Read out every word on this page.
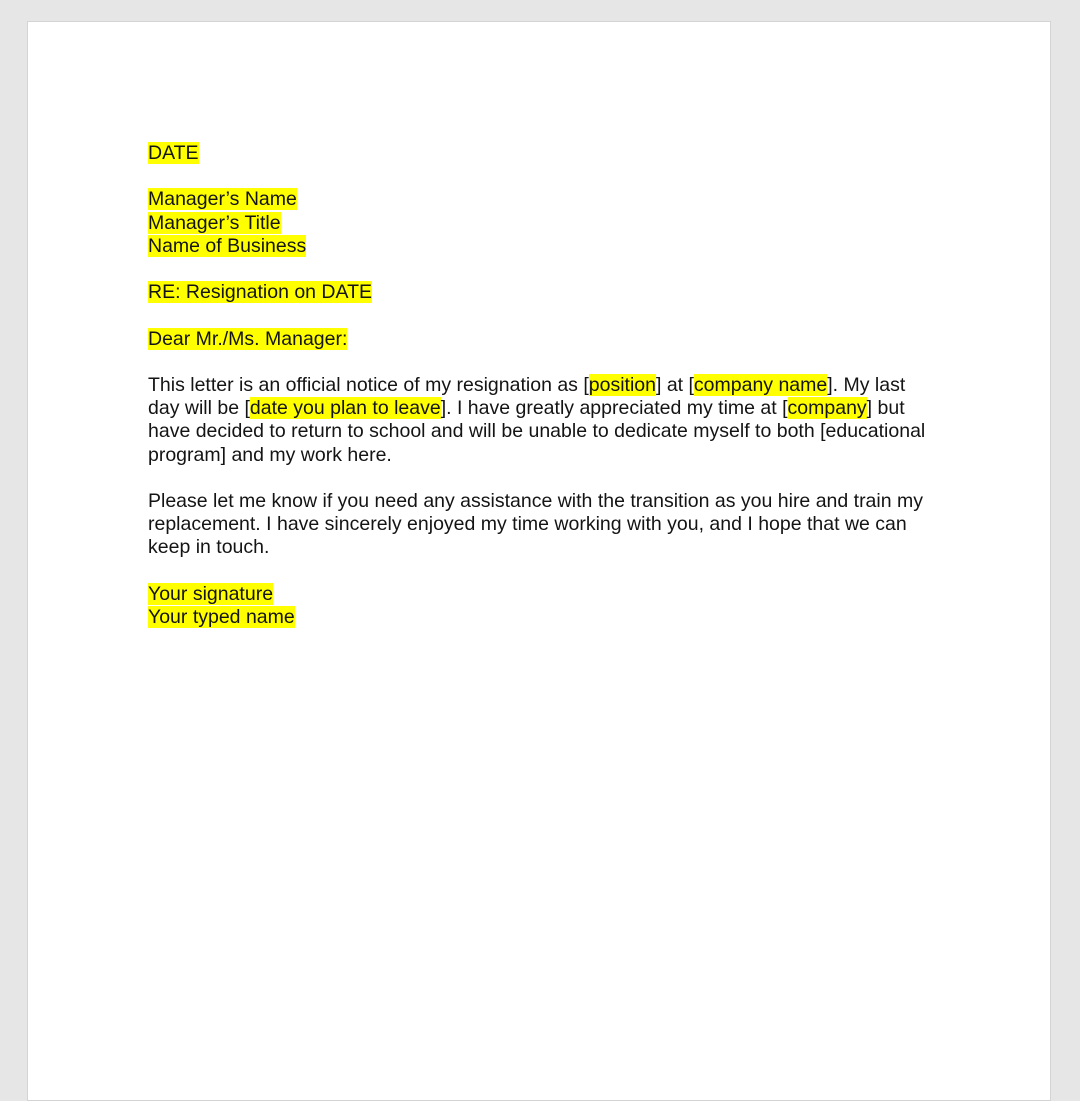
DATE
Manager’s Name
Manager’s Title
Name of Business
RE: Resignation on DATE
Dear Mr./Ms. Manager:
This letter is an official notice of my resignation as [position] at [company name]. My last day will be [date you plan to leave]. I have greatly appreciated my time at [company] but have decided to return to school and will be unable to dedicate myself to both [educational program] and my work here.
Please let me know if you need any assistance with the transition as you hire and train my replacement. I have sincerely enjoyed my time working with you, and I hope that we can keep in touch.
Your signature
Your typed name
